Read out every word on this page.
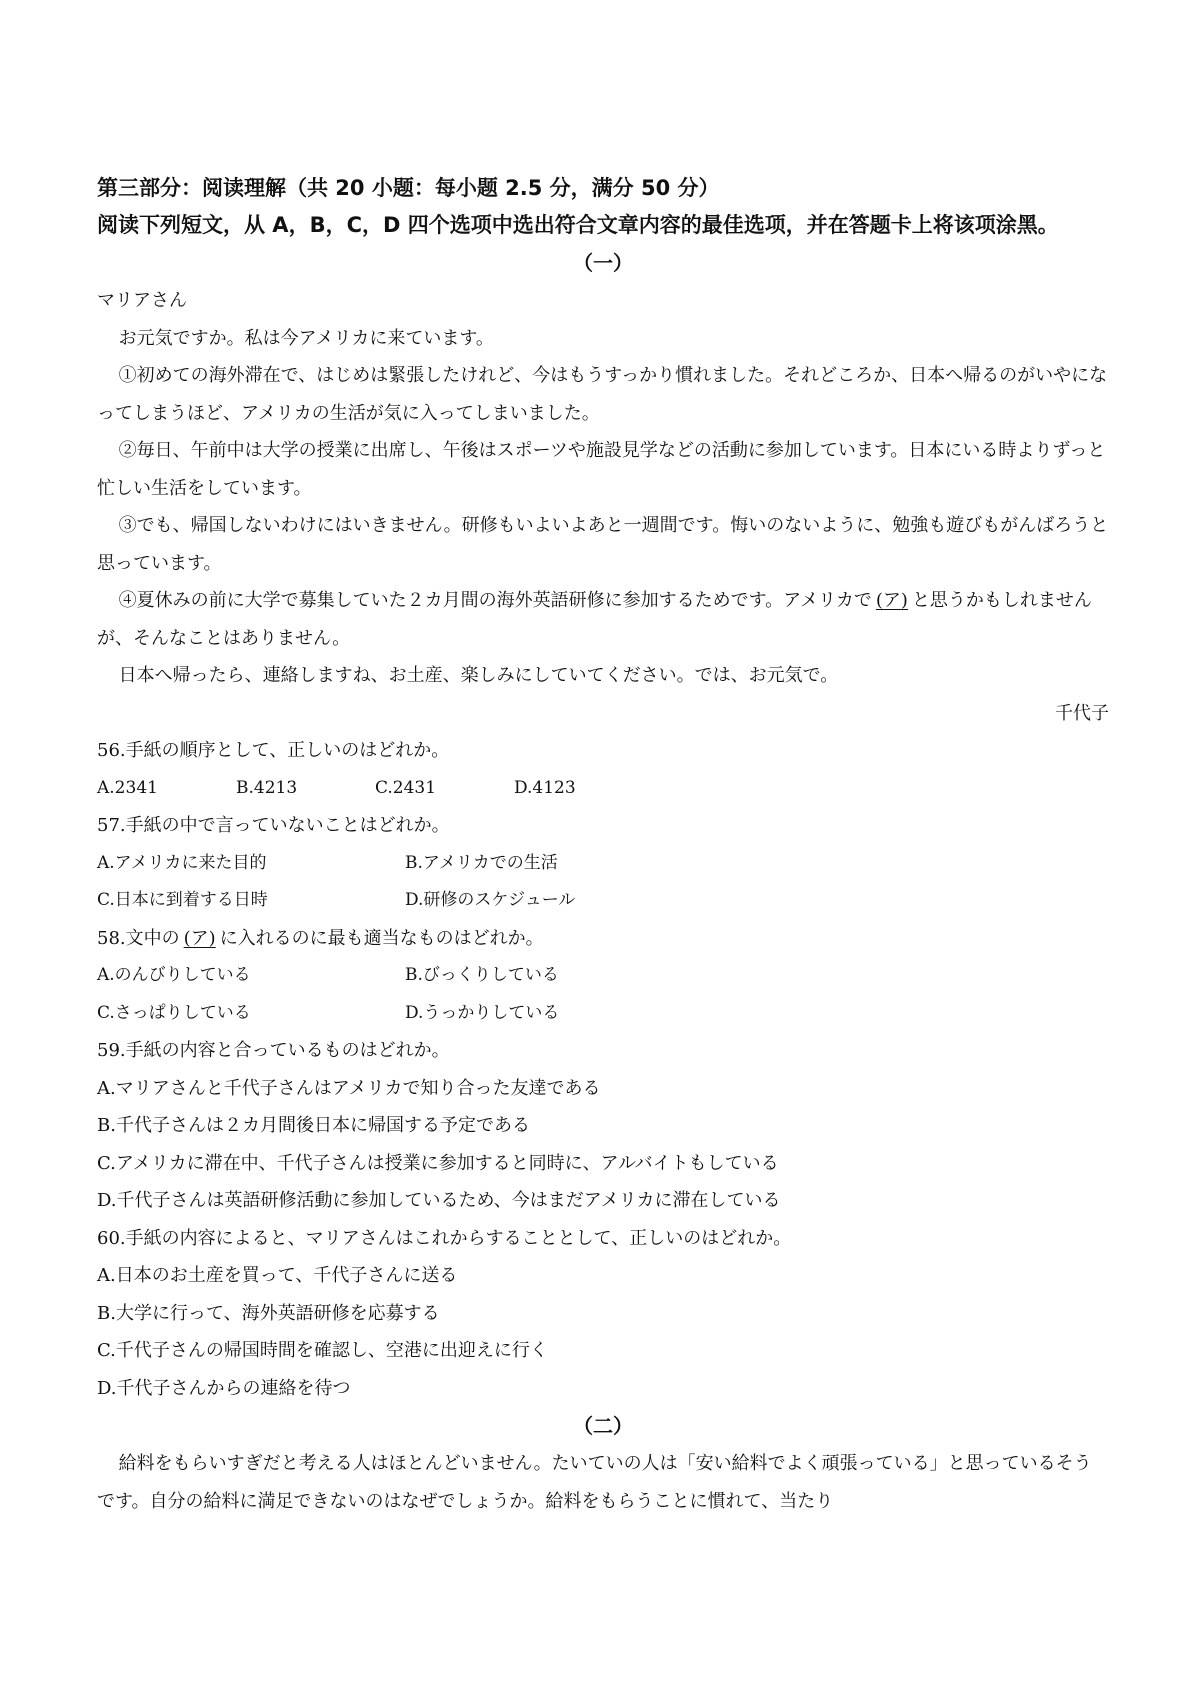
第三部分：阅读理解（共 20 小题：每小题 2.5 分，满分 50 分）

阅读下列短文，从 A，B，C，D 四个选项中选出符合文章内容的最佳选项，并在答题卡上将该项涂黑。

（一）

マリアさん

お元気ですか。私は今アメリカに来ています。

①初めての海外滞在で、はじめは緊張したけれど、今はもうすっかり慣れました。それどころか、日本へ帰るのがいやになってしまうほど、アメリカの生活が気に入ってしまいました。

②毎日、午前中は大学の授業に出席し、午後はスポーツや施設見学などの活動に参加しています。日本にいる時よりずっと忙しい生活をしています。

③でも、帰国しないわけにはいきません。研修もいよいよあと一週間です。悔いのないように、勉強も遊びもがんばろうと思っています。

④夏休みの前に大学で募集していた２カ月間の海外英語研修に参加するためです。アメリカで (ア) と思うかもしれませんが、そんなことはありません。

日本へ帰ったら、連絡しますね、お土産、楽しみにしていてください。では、お元気で。

千代子

56.手紙の順序として、正しいのはどれか。

A.2341	B.4213	C.2431	D.4123

57.手紙の中で言っていないことはどれか。

A.アメリカに来た目的	B.アメリカでの生活
C.日本に到着する日時	D.研修のスケジュール

58.文中の (ア) に入れるのに最も適当なものはどれか。

A.のんびりしている	B.びっくりしている
C.さっぱりしている	D.うっかりしている

59.手紙の内容と合っているものはどれか。

A.マリアさんと千代子さんはアメリカで知り合った友達である

B.千代子さんは２カ月間後日本に帰国する予定である

C.アメリカに滞在中、千代子さんは授業に参加すると同時に、アルバイトもしている

D.千代子さんは英語研修活動に参加しているため、今はまだアメリカに滞在している

60.手紙の内容によると、マリアさんはこれからすることとして、正しいのはどれか。

A.日本のお土産を買って、千代子さんに送る

B.大学に行って、海外英語研修を応募する

C.千代子さんの帰国時間を確認し、空港に出迎えに行く

D.千代子さんからの連絡を待つ

（二）

給料をもらいすぎだと考える人はほとんどいません。たいていの人は「安い給料でよく頑張っている」と思っているそうです。自分の給料に満足できないのはなぜでしょうか。給料をもらうことに慣れて、当たり
